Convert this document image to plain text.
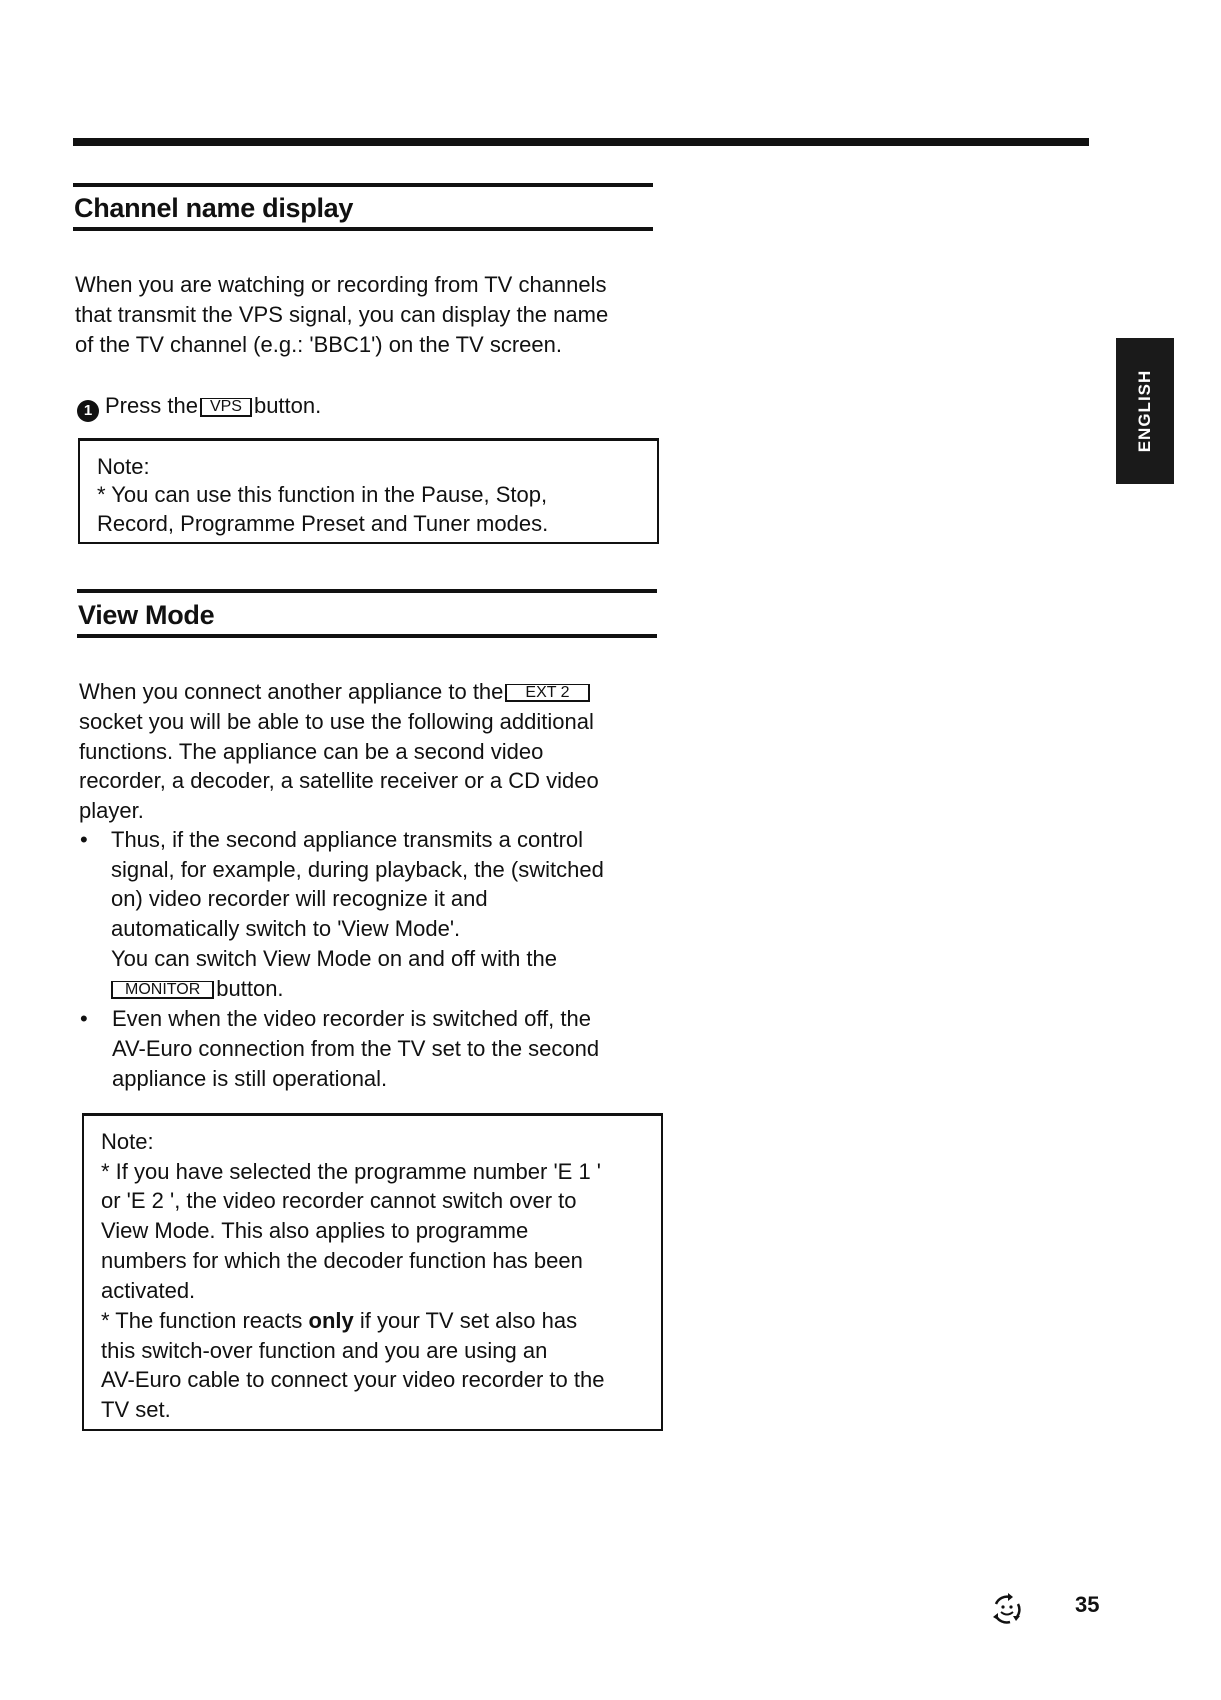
ENGLISH
Channel name display
When you are watching or recording from TV channels
that transmit the VPS signal, you can display the name
of the TV channel (e.g.: 'BBC1') on the TV screen.
1 Press the VPS button.
Note:
* You can use this function in the Pause, Stop,
Record, Programme Preset and Tuner modes.
View Mode
When you connect another appliance to the EXT 2
socket you will be able to use the following additional
functions. The appliance can be a second video
recorder, a decoder, a satellite receiver or a CD video
player.
• Thus, if the second appliance transmits a control
signal, for example, during playback, the (switched
on) video recorder will recognize it and
automatically switch to 'View Mode'.
You can switch View Mode on and off with the
MONITOR button.
• Even when the video recorder is switched off, the
AV-Euro connection from the TV set to the second
appliance is still operational.
Note:
* If you have selected the programme number 'E 1 '
or 'E 2 ', the video recorder cannot switch over to
View Mode. This also applies to programme
numbers for which the decoder function has been
activated.
* The function reacts only if your TV set also has
this switch-over function and you are using an
AV-Euro cable to connect your video recorder to the
TV set.
35
